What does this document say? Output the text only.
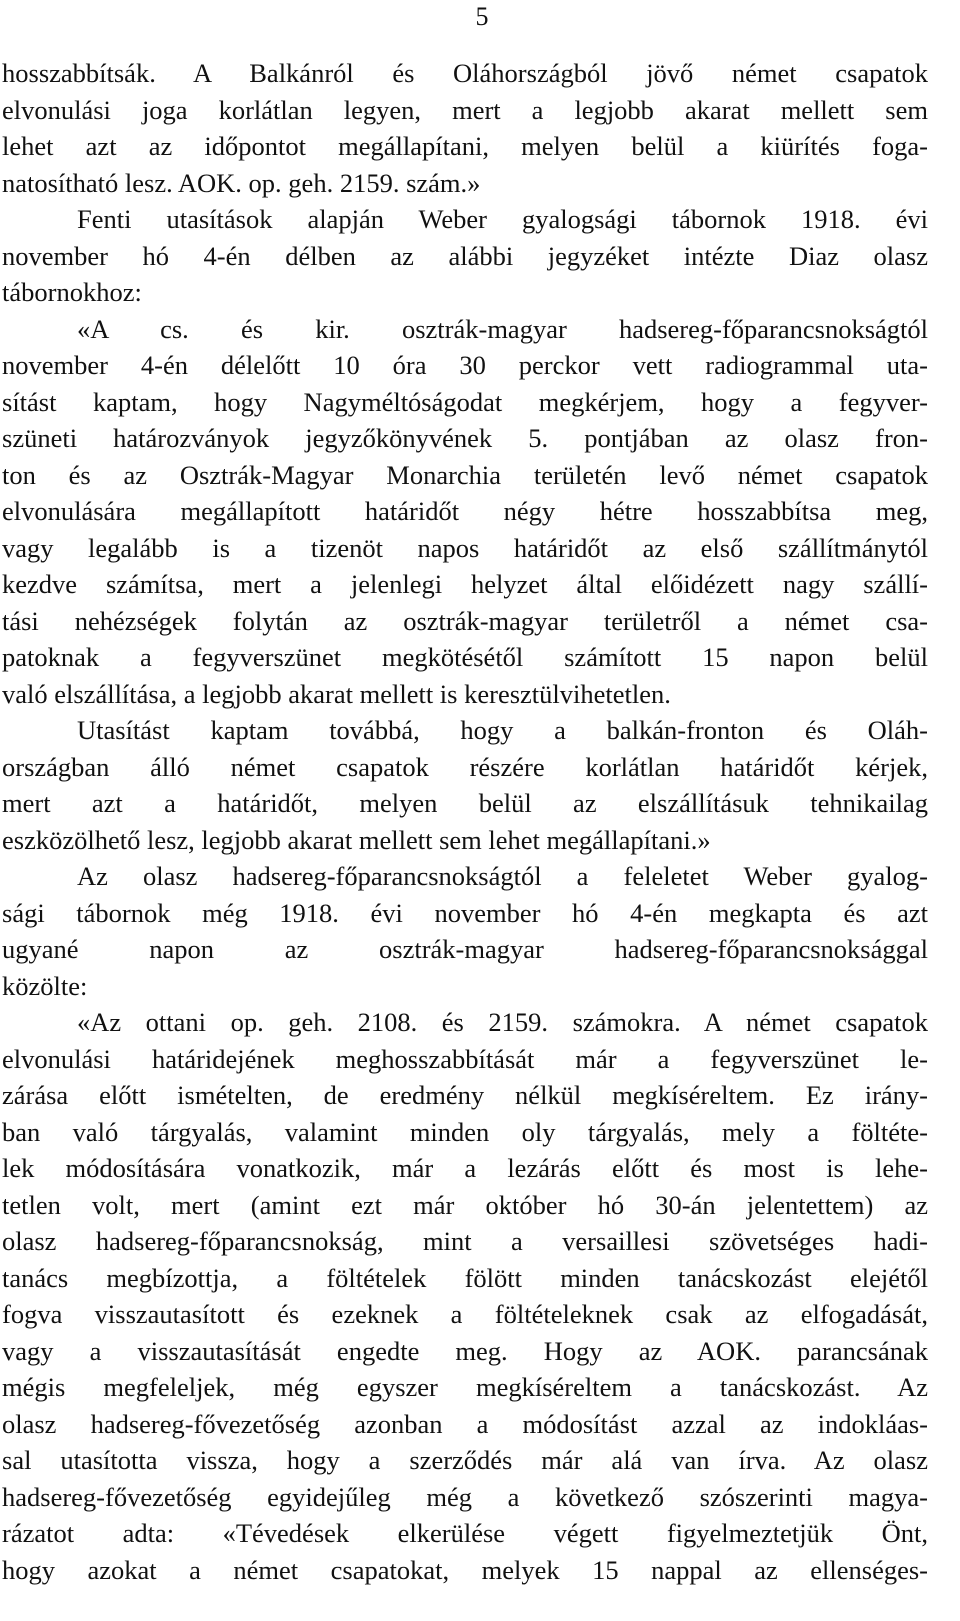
5
hosszabbítsák. A Balkánról és Oláhországból jövő német csapatok
elvonulási joga korlátlan legyen, mert a legjobb akarat mellett sem
lehet azt az időpontot megállapítani, melyen belül a kiürítés foga-
natosítható lesz. AOK. op. geh. 2159. szám.»
Fenti utasítások alapján Weber gyalogsági tábornok 1918. évi
november hó 4-én délben az alábbi jegyzéket intézte Diaz olasz
tábornokhoz:
«A cs. és kir. osztrák-magyar hadsereg-főparancsnokságtól
november 4-én délelőtt 10 óra 30 perckor vett radiogrammal uta-
sítást kaptam, hogy Nagyméltóságodat megkérjem, hogy a fegyver-
szüneti határozványok jegyzőkönyvének 5. pontjában az olasz fron-
ton és az Osztrák-Magyar Monarchia területén levő német csapatok
elvonulására megállapított határidőt négy hétre hosszabbítsa meg,
vagy legalább is a tizenöt napos határidőt az első szállítmánytól
kezdve számítsa, mert a jelenlegi helyzet által előidézett nagy szállí-
tási nehézségek folytán az osztrák-magyar területről a német csa-
patoknak a fegyverszünet megkötésétől számított 15 napon belül
való elszállítása, a legjobb akarat mellett is keresztülvihetetlen.
Utasítást kaptam továbbá, hogy a balkán-fronton és Oláh-
országban álló német csapatok részére korlátlan határidőt kérjek,
mert azt a határidőt, melyen belül az elszállításuk tehnikailag
eszközölhető lesz, legjobb akarat mellett sem lehet megállapítani.»
Az olasz hadsereg-főparancsnokságtól a feleletet Weber gyalog-
sági tábornok még 1918. évi november hó 4-én megkapta és azt
ugyané napon az osztrák-magyar hadsereg-főparancsnoksággal
közölte:
«Az ottani op. geh. 2108. és 2159. számokra. A német csapatok
elvonulási határidejének meghosszabbítását már a fegyverszünet le-
zárása előtt ismételten, de eredmény nélkül megkíséreltem. Ez irány-
ban való tárgyalás, valamint minden oly tárgyalás, mely a föltéte-
lek módosítására vonatkozik, már a lezárás előtt és most is lehe-
tetlen volt, mert (amint ezt már október hó 30-án jelentettem) az
olasz hadsereg-főparancsnokság, mint a versaillesi szövetséges hadi-
tanács megbízottja, a föltételek fölött minden tanácskozást elejétől
fogva visszautasított és ezeknek a föltételeknek csak az elfogadását,
vagy a visszautasítását engedte meg. Hogy az AOK. parancsának
mégis megfeleljek, még egyszer megkíséreltem a tanácskozást. Az
olasz hadsereg-fővezetőség azonban a módosítást azzal az indokláas-
sal utasította vissza, hogy a szerződés már alá van írva. Az olasz
hadsereg-fővezetőség egyidejűleg még a következő szószerinti magya-
rázatot adta: «Tévedések elkerülése végett figyelmeztetjük Önt,
hogy azokat a német csapatokat, melyek 15 nappal az ellenséges-
